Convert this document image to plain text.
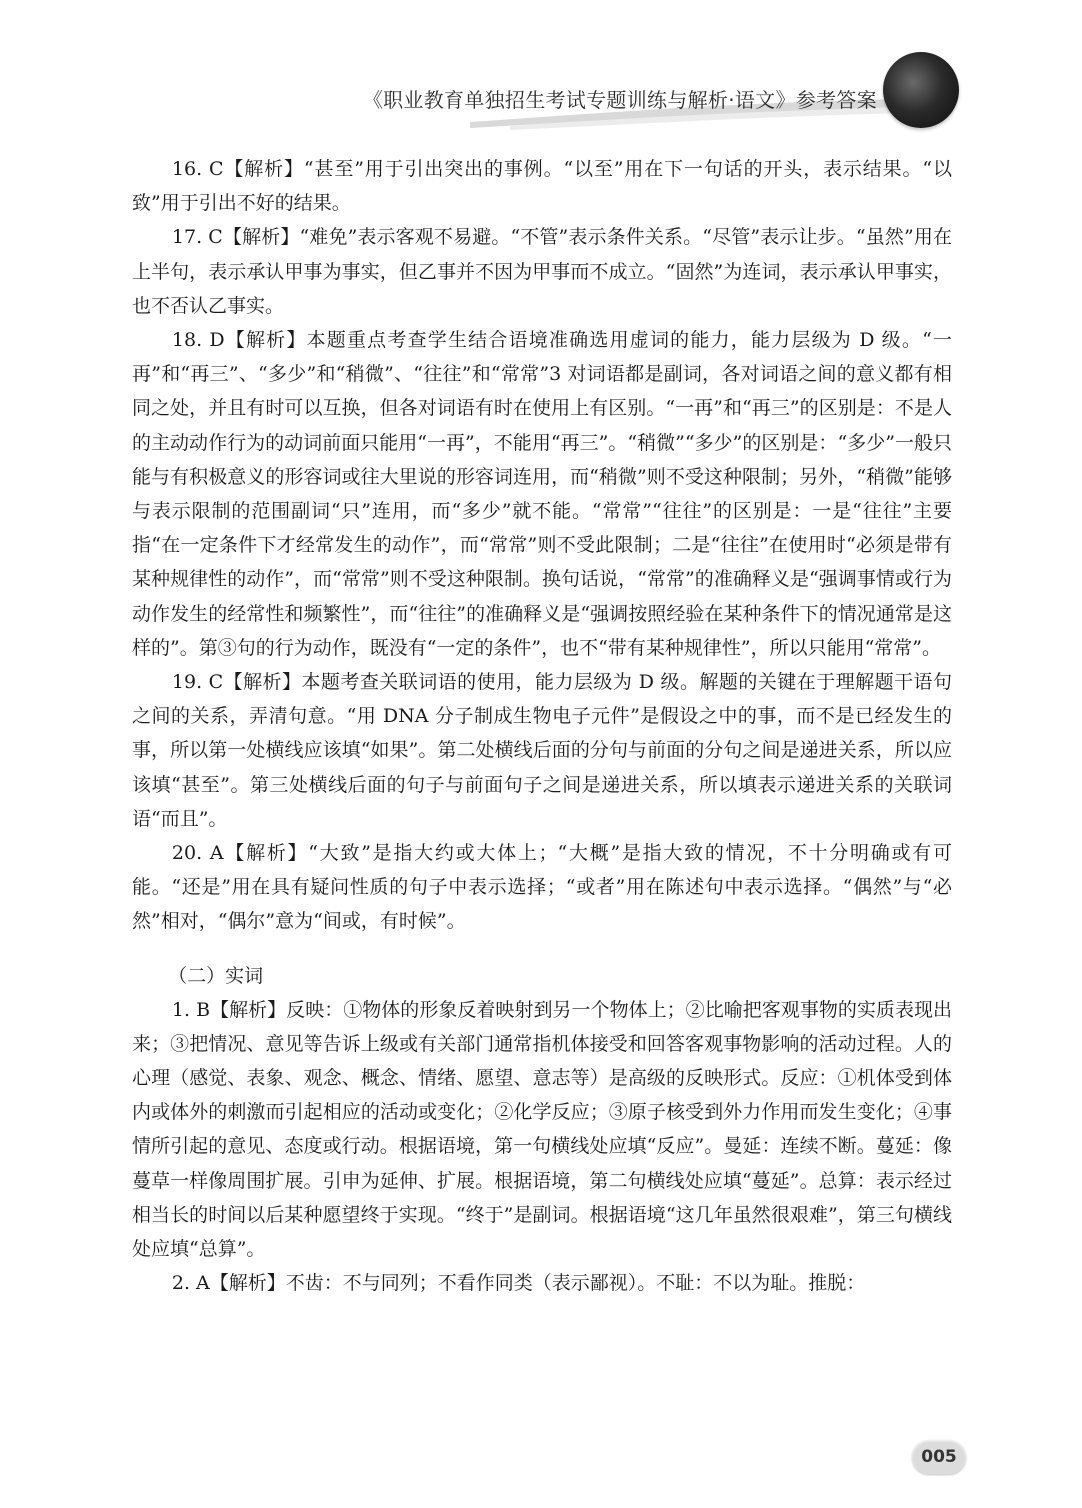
《职业教育单独招生考试专题训练与解析·语文》参考答案

16. C【解析】“甚至”用于引出突出的事例。“以至”用在下一句话的开头，表示结果。“以致”用于引出不好的结果。

17. C【解析】“难免”表示客观不易避。“不管”表示条件关系。“尽管”表示让步。“虽然”用在上半句，表示承认甲事为事实，但乙事并不因为甲事而不成立。“固然”为连词，表示承认甲事实，也不否认乙事实。

18. D【解析】本题重点考查学生结合语境准确选用虚词的能力，能力层级为 D 级。“一再”和“再三”、“多少”和“稍微”、“往往”和“常常”3 对词语都是副词，各对词语之间的意义都有相同之处，并且有时可以互换，但各对词语有时在使用上有区别。“一再”和“再三”的区别是：不是人的主动动作行为的动词前面只能用“一再”，不能用“再三”。“稍微”“多少”的区别是：“多少”一般只能与有积极意义的形容词或往大里说的形容词连用，而“稍微”则不受这种限制；另外，“稍微”能够与表示限制的范围副词“只”连用，而“多少”就不能。“常常”“往往”的区别是：一是“往往”主要指“在一定条件下才经常发生的动作”，而“常常”则不受此限制；二是“往往”在使用时“必须是带有某种规律性的动作”，而“常常”则不受这种限制。换句话说，“常常”的准确释义是“强调事情或行为动作发生的经常性和频繁性”，而“往往”的准确释义是“强调按照经验在某种条件下的情况通常是这样的”。第③句的行为动作，既没有“一定的条件”，也不“带有某种规律性”，所以只能用“常常”。

19. C【解析】本题考查关联词语的使用，能力层级为 D 级。解题的关键在于理解题干语句之间的关系，弄清句意。“用 DNA 分子制成生物电子元件”是假设之中的事，而不是已经发生的事，所以第一处横线应该填“如果”。第二处横线后面的分句与前面的分句之间是递进关系，所以应该填“甚至”。第三处横线后面的句子与前面句子之间是递进关系，所以填表示递进关系的关联词语“而且”。

20. A【解析】“大致”是指大约或大体上；“大概”是指大致的情况，不十分明确或有可能。“还是”用在具有疑问性质的句子中表示选择；“或者”用在陈述句中表示选择。“偶然”与“必然”相对，“偶尔”意为“间或，有时候”。

（二）实词

1. B【解析】反映：①物体的形象反着映射到另一个物体上；②比喻把客观事物的实质表现出来；③把情况、意见等告诉上级或有关部门通常指机体接受和回答客观事物影响的活动过程。人的心理（感觉、表象、观念、概念、情绪、愿望、意志等）是高级的反映形式。反应：①机体受到体内或体外的刺激而引起相应的活动或变化；②化学反应；③原子核受到外力作用而发生变化；④事情所引起的意见、态度或行动。根据语境，第一句横线处应填“反应”。曼延：连续不断。蔓延：像蔓草一样像周围扩展。引申为延伸、扩展。根据语境，第二句横线处应填“蔓延”。总算：表示经过相当长的时间以后某种愿望终于实现。“终于”是副词。根据语境“这几年虽然很艰难”，第三句横线处应填“总算”。

2. A【解析】不齿：不与同列；不看作同类（表示鄙视）。不耻：不以为耻。推脱：

005
